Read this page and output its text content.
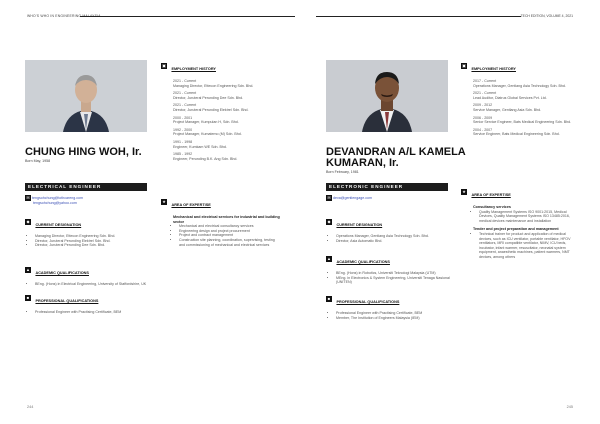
WHO'S WHO IN ENGINEERING MALAYSIA	TECH EDITION, VOLUME 4, 2021
CHUNG HING WOH, Ir.
Born May, 1958
ELECTRICAL ENGINEER
✉ tengsohchung@tothcareng.com
tengsohchung@yahoo.com
◆ CURRENT DESIGNATION
• Managing Director, Ettecon Engineering Sdn. Bhd.
• Director, Juruteral Perunding Elektrel Sdn. Bhd.
• Director, Juruteral Perunding Dee Sdn. Bhd.
▲ ACADEMIC QUALIFICATIONS
• BEng. (Hons) in Electrical Engineering, University of Staffordshire, UK
■ PROFESSIONAL QUALIFICATIONS
• Professional Engineer with Practising Certificate, BEM
▣ EMPLOYMENT HISTORY
2021 - Current
Managing Director, Ettecon Engineering Sdn. Bhd.
2021 - Current
Director, Juruteral Perunding Dee Sdn. Bhd.
2021 - Current
Director, Juruteral Perunding Elektrel Sdn. Bhd.
2000 - 2001
Project Manager, Kumpulan H, Sdn. Bhd.
1992 - 2000
Project Manager, Kumatemo (M) Sdn. Bhd.
1991 - 1998
Engineer, Kumkam WE Sdn. Bhd.
1985 - 1992
Engineer, Perunding B.K. Ang Sdn. Bhd.
★ AREA OF EXPERTISE
Mechanical and electrical services for industrial and building sector
• Mechanical and electrical consultancy services
• Engineering design and project procurement
• Project and contract management
• Construction site planning, coordination, supervising, testing and commissioning of mechanical and electrical services
244
DEVANDRAN A/L KAMELA
KUMARAN, Ir.
Born February, 1981
ELECTRONIC ENGINEER
✉ deva@gentlengage.com
◆ CURRENT DESIGNATION
• Operations Manager, Gentlang Asia Technology Sdn. Bhd.
• Director, Asia Automatic Bhd.
▲ ACADEMIC QUALIFICATIONS
• BEng. (Hons) in Robotics, Universiti Teknologi Malaysia (UTM)
• MEng. in Electronics & System Engineering, Universiti Tenaga Nasional (UNITEN)
■ PROFESSIONAL QUALIFICATIONS
• Professional Engineer with Practising Certificate, BEM
• Member, The Institution of Engineers Malaysia (IEM)
▣ EMPLOYMENT HISTORY
2017 - Current
Operations Manager, Gentlang Asia Technology Sdn. Bhd.
2021 - Current
Lead Auditor, Diatrus Global Services Pvt. Ltd.
2009 - 2012
Service Manager, Gentlang Asia Sdn. Bhd.
2006 - 2009
Senior Service Engineer, Bats Medical Engineering Sdn. Bhd.
2004 - 2007
Service Engineer, Bats Medical Engineering Sdn. Bhd.
★ AREA OF EXPERTISE
Consultancy services
• Quality Management Systems ISO 9001:2015, Medical Devices, Quality Management Systems ISO 13485:2016, medical devices maintenance and installation
Tender and project preparation and management
• Technical trainer for product and application of medical devices, such as ICU ventilator, portable ventilator, HFOV ventilators, MRI compatible ventilator, NIMV, ICU beds, incubator, infant warmer, resuscitator, neonatal system equipment, anaesthetic machines, patient warmers, NMT devices, among others
245
